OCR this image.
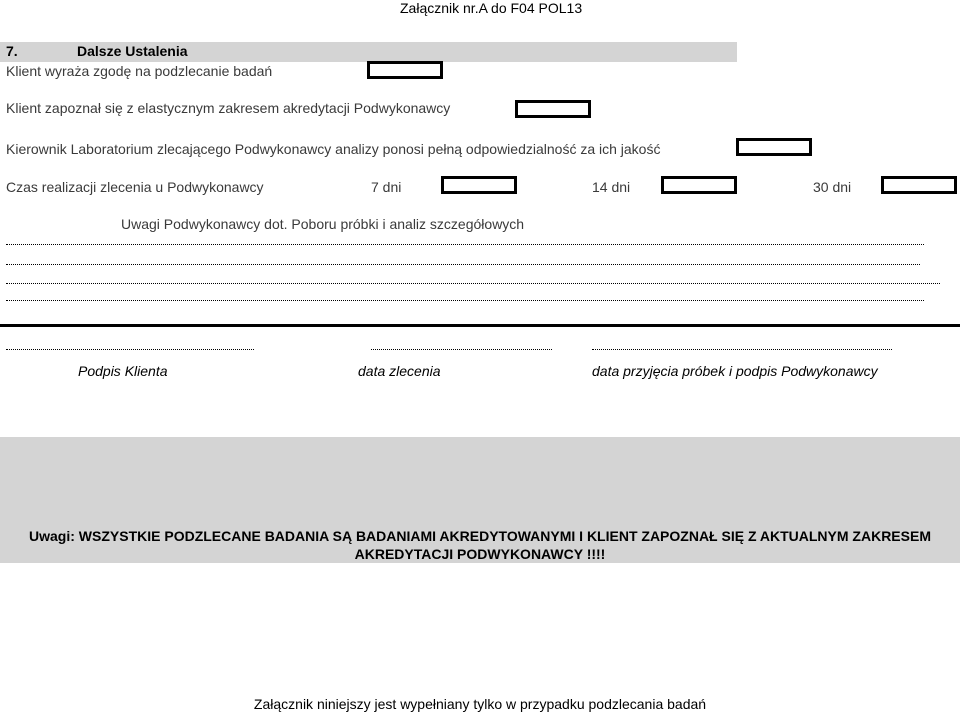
Załącznik nr.A do F04 POL13
7.	Dalsze Ustalenia
Klient wyraża zgodę na podzlecanie badań
Klient zapoznał się z elastycznym zakresem akredytacji Podwykonawcy
Kierownik Laboratorium zlecającego Podwykonawcy analizy ponosi pełną odpowiedzialność za ich jakość
Czas realizacji zlecenia u Podwykonawcy	7 dni	14 dni	30 dni
Uwagi Podwykonawcy dot. Poboru próbki i analiz szczegółowych
Podpis Klienta	data zlecenia	data przyjęcia próbek i podpis Podwykonawcy
Uwagi: WSZYSTKIE PODZLECANE BADANIA SĄ BADANIAMI AKREDYTOWANYMI I KLIENT ZAPOZNAŁ SIĘ Z AKTUALNYM ZAKRESEM
AKREDYTACJI PODWYKONAWCY !!!!
Załącznik niniejszy jest wypełniany tylko w przypadku podzlecania badań
